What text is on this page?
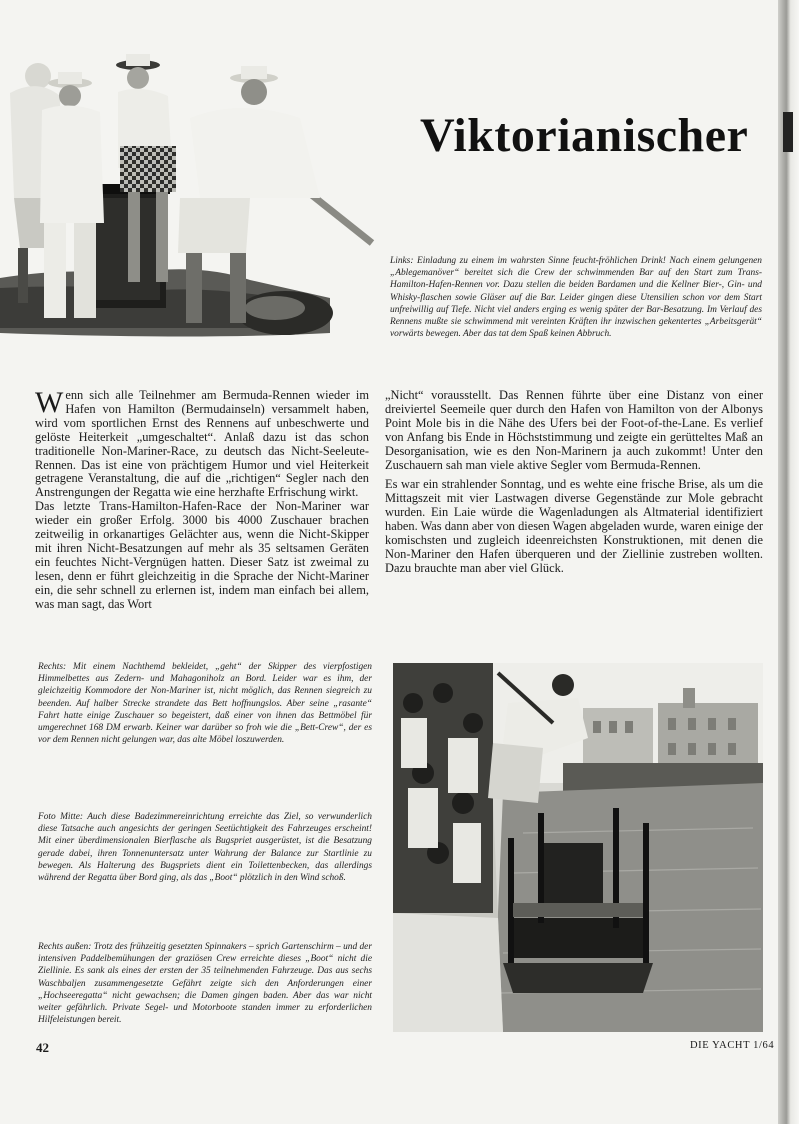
Viktorianischer
Links: Einladung zu einem im wahrsten Sinne feucht-fröhlichen Drink! Nach einem gelungenen „Ablegemanöver“ bereitet sich die Crew der schwimmenden Bar auf den Start zum Trans-Hamilton-Hafen-Rennen vor. Dazu stellen die beiden Bardamen und die Kellner Bier-, Gin- und Whisky-flaschen sowie Gläser auf die Bar. Leider gingen diese Utensilien schon vor dem Start unfreiwillig auf Tiefe. Nicht viel anders erging es wenig später der Bar-Besatzung. Im Verlauf des Rennens mußte sie schwimmend mit vereinten Kräften ihr inzwischen gekentertes „Arbeitsgerät“ vorwärts bewegen. Aber das tat dem Spaß keinen Abbruch.

Wenn sich alle Teilnehmer am Bermuda-Rennen wieder im Hafen von Hamilton (Bermudainseln) versammelt haben, wird vom sportlichen Ernst des Rennens auf unbeschwerte und gelöste Heiterkeit „umgeschaltet“. Anlaß dazu ist das schon traditionelle Non-Mariner-Race, zu deutsch das Nicht-Seeleute-Rennen. Das ist eine von prächtigem Humor und viel Heiterkeit getragene Veranstaltung, die auf die „richtigen“ Segler nach den Anstrengungen der Regatta wie eine herzhafte Erfrischung wirkt.

Das letzte Trans-Hamilton-Hafen-Race der Non-Mariner war wieder ein großer Erfolg. 3000 bis 4000 Zuschauer brachen zeitweilig in orkanartiges Gelächter aus, wenn die Nicht-Skipper mit ihren Nicht-Besatzungen auf mehr als 35 seltsamen Geräten ein feuchtes Nicht-Vergnügen hatten. Dieser Satz ist zweimal zu lesen, denn er führt gleichzeitig in die Sprache der Nicht-Mariner ein, die sehr schnell zu erlernen ist, indem man einfach bei allem, was man sagt, das Wort

„Nicht“ vorausstellt. Das Rennen führte über eine Distanz von einer dreiviertel Seemeile quer durch den Hafen von Hamilton von der Albonys Point Mole bis in die Nähe des Ufers bei der Foot-of-the-Lane. Es verlief von Anfang bis Ende in Höchststimmung und zeigte ein gerütteltes Maß an Desorganisation, wie es den Non-Marinern ja auch zukommt! Unter den Zuschauern sah man viele aktive Segler vom Bermuda-Rennen.

Es war ein strahlender Sonntag, und es wehte eine frische Brise, als um die Mittagszeit mit vier Lastwagen diverse Gegenstände zur Mole gebracht wurden. Ein Laie würde die Wagenladungen als Altmaterial identifiziert haben. Was dann aber von diesen Wagen abgeladen wurde, waren einige der komischsten und zugleich ideenreichsten Konstruktionen, mit denen die Non-Mariner den Hafen überqueren und der Ziellinie zustreben wollten. Dazu brauchte man aber viel Glück.

Rechts: Mit einem Nachthemd bekleidet, „geht“ der Skipper des vierpfostigen Himmelbettes aus Zedern- und Mahagoniholz an Bord. Leider war es ihm, der gleichzeitig Kommodore der Non-Mariner ist, nicht möglich, das Rennen siegreich zu beenden. Auf halber Strecke strandete das Bett hoffnungslos. Aber seine „rasante“ Fahrt hatte einige Zuschauer so begeistert, daß einer von ihnen das Bettmöbel für umgerechnet 168 DM erwarb. Keiner war darüber so froh wie die „Bett-Crew“, der es vor dem Rennen nicht gelungen war, das alte Möbel loszuwerden.
Foto Mitte: Auch diese Badezimmereinrichtung erreichte das Ziel, so verwunderlich diese Tatsache auch angesichts der geringen Seetüchtigkeit des Fahrzeuges erscheint! Mit einer überdimensionalen Bierflasche als Bugspriet ausgerüstet, ist die Besatzung gerade dabei, ihren Tonnenuntersatz unter Wahrung der Balance zur Startlinie zu bewegen. Als Halterung des Bugspriets dient ein Toilettenbecken, das allerdings während der Regatta über Bord ging, als das „Boot“ plötzlich in den Wind schoß.
Rechts außen: Trotz des frühzeitig gesetzten Spinnakers – sprich Gartenschirm – und der intensiven Paddelbemühungen der graziösen Crew erreichte dieses „Boot“ nicht die Ziellinie. Es sank als eines der ersten der 35 teilnehmenden Fahrzeuge. Das aus sechs Waschbaljen zusammengesetzte Gefährt zeigte sich den Anforderungen einer „Hochseeregatta“ nicht gewachsen; die Damen gingen baden. Aber das war nicht weiter gefährlich. Private Segel- und Motorboote standen immer zu erforderlichen Hilfeleistungen bereit.
42	DIE YACHT 1/64
